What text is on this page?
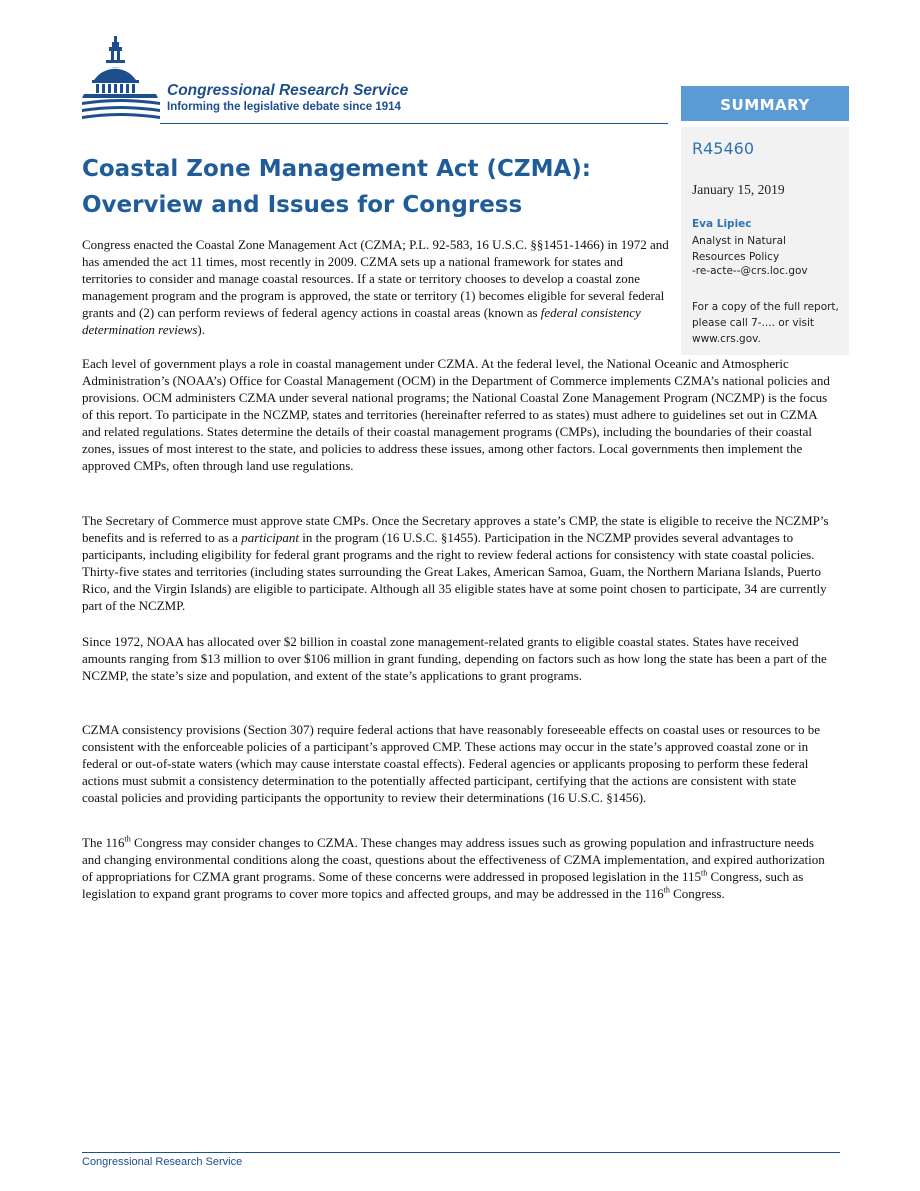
Congressional Research Service
Informing the legislative debate since 1914	SUMMARY
R45460
January 15, 2019
Eva Lipiec
Analyst in Natural Resources Policy
-re-acte--@crs.loc.gov
For a copy of the full report, please call 7-.... or visit www.crs.gov.
Coastal Zone Management Act (CZMA):
Overview and Issues for Congress

Congress enacted the Coastal Zone Management Act (CZMA; P.L. 92-583, 16 U.S.C. §§1451-1466) in 1972 and has amended the act 11 times, most recently in 2009. CZMA sets up a national framework for states and territories to consider and manage coastal resources. If a state or territory chooses to develop a coastal zone management program and the program is approved, the state or territory (1) becomes eligible for several federal grants and (2) can perform reviews of federal agency actions in coastal areas (known as federal consistency determination reviews).

Each level of government plays a role in coastal management under CZMA. At the federal level, the National Oceanic and Atmospheric Administration’s (NOAA’s) Office for Coastal Management (OCM) in the Department of Commerce implements CZMA’s national policies and provisions. OCM administers CZMA under several national programs; the National Coastal Zone Management Program (NCZMP) is the focus of this report. To participate in the NCZMP, states and territories (hereinafter referred to as states) must adhere to guidelines set out in CZMA and related regulations. States determine the details of their coastal management programs (CMPs), including the boundaries of their coastal zones, issues of most interest to the state, and policies to address these issues, among other factors. Local governments then implement the approved CMPs, often through land use regulations.

The Secretary of Commerce must approve state CMPs. Once the Secretary approves a state’s CMP, the state is eligible to receive the NCZMP’s benefits and is referred to as a participant in the program (16 U.S.C. §1455). Participation in the NCZMP provides several advantages to participants, including eligibility for federal grant programs and the right to review federal actions for consistency with state coastal policies. Thirty-five states and territories (including states surrounding the Great Lakes, American Samoa, Guam, the Northern Mariana Islands, Puerto Rico, and the Virgin Islands) are eligible to participate. Although all 35 eligible states have at some point chosen to participate, 34 are currently part of the NCZMP.

Since 1972, NOAA has allocated over $2 billion in coastal zone management-related grants to eligible coastal states. States have received amounts ranging from $13 million to over $106 million in grant funding, depending on factors such as how long the state has been a part of the NCZMP, the state’s size and population, and extent of the state’s applications to grant programs.

CZMA consistency provisions (Section 307) require federal actions that have reasonably foreseeable effects on coastal uses or resources to be consistent with the enforceable policies of a participant’s approved CMP. These actions may occur in the state’s approved coastal zone or in federal or out-of-state waters (which may cause interstate coastal effects). Federal agencies or applicants proposing to perform these federal actions must submit a consistency determination to the potentially affected participant, certifying that the actions are consistent with state coastal policies and providing participants the opportunity to review their determinations (16 U.S.C. §1456).

The 116th Congress may consider changes to CZMA. These changes may address issues such as growing population and infrastructure needs and changing environmental conditions along the coast, questions about the effectiveness of CZMA implementation, and expired authorization of appropriations for CZMA grant programs. Some of these concerns were addressed in proposed legislation in the 115th Congress, such as legislation to expand grant programs to cover more topics and affected groups, and may be addressed in the 116th Congress.

Congressional Research Service
